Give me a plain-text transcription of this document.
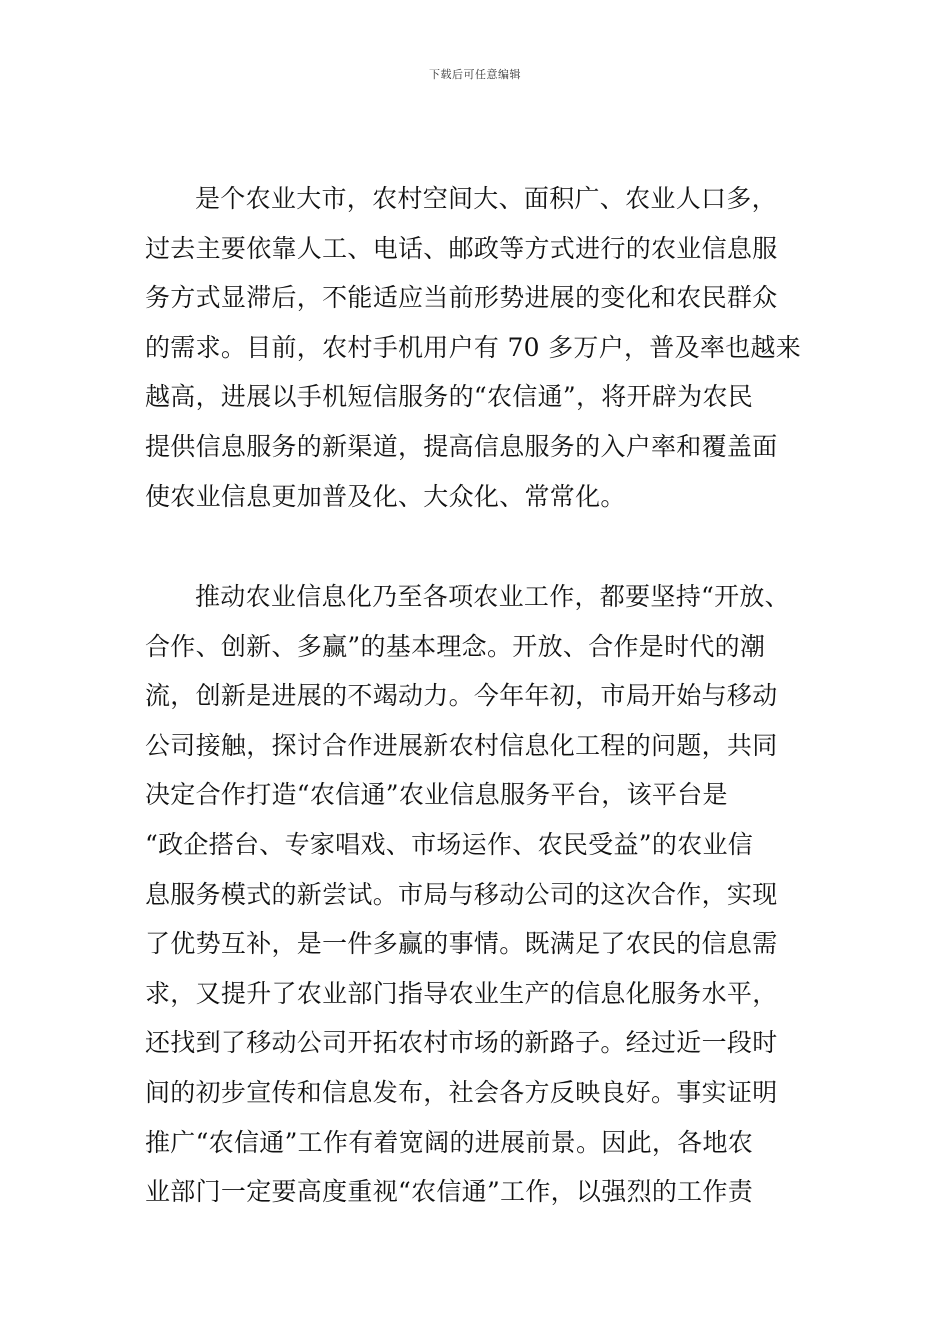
下载后可任意编辑
是个农业大市，农村空间大、面积广、农业人口多，
过去主要依靠人工、电话、邮政等方式进行的农业信息服
务方式显滞后，不能适应当前形势进展的变化和农民群众
的需求。目前，农村手机用户有 70 多万户，普及率也越来
越高，进展以手机短信服务的“农信通”，将开辟为农民
提供信息服务的新渠道，提高信息服务的入户率和覆盖面
使农业信息更加普及化、大众化、常常化。
推动农业信息化乃至各项农业工作，都要坚持“开放、
合作、创新、多赢”的基本理念。开放、合作是时代的潮
流，创新是进展的不竭动力。今年年初，市局开始与移动
公司接触，探讨合作进展新农村信息化工程的问题，共同
决定合作打造“农信通”农业信息服务平台，该平台是
“政企搭台、专家唱戏、市场运作、农民受益”的农业信
息服务模式的新尝试。市局与移动公司的这次合作，实现
了优势互补，是一件多赢的事情。既满足了农民的信息需
求，又提升了农业部门指导农业生产的信息化服务水平，
还找到了移动公司开拓农村市场的新路子。经过近一段时
间的初步宣传和信息发布，社会各方反映良好。事实证明
推广“农信通”工作有着宽阔的进展前景。因此，各地农
业部门一定要高度重视“农信通”工作，以强烈的工作责
